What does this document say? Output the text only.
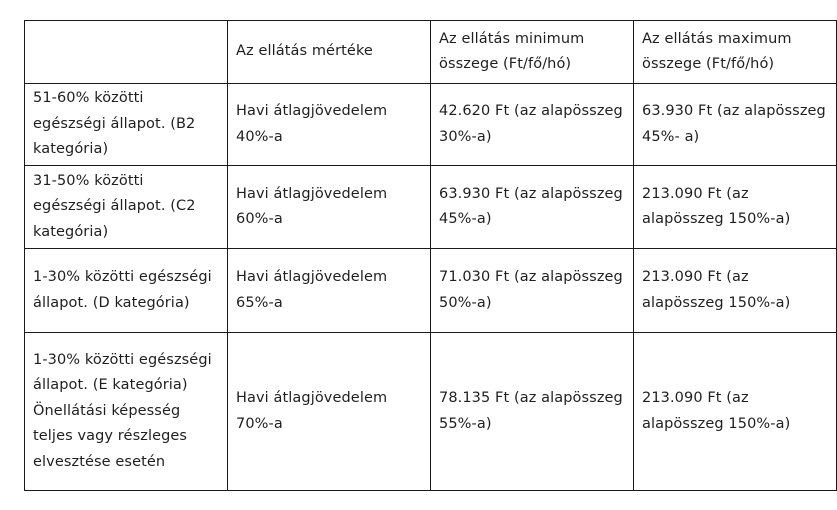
	Az ellátás mértéke	Az ellátás minimum összege (Ft/fő/hó)	Az ellátás maximum összege (Ft/fő/hó)

51-60% közötti egészségi állapot. (B2 kategória)	Havi átlagjövedelem 40%-a	42.620 Ft (az alapösszeg 30%-a)	63.930 Ft (az alapösszeg 45%- a)

31-50% közötti egészségi állapot. (C2 kategória)	Havi átlagjövedelem 60%-a	63.930 Ft (az alapösszeg 45%-a)	213.090 Ft (az alapösszeg 150%-a)

1-30% közötti egészségi állapot. (D kategória)	Havi átlagjövedelem 65%-a	71.030 Ft (az alapösszeg 50%-a)	213.090 Ft (az alapösszeg 150%-a)

1-30% közötti egészségi állapot. (E kategória) Önellátási képesség teljes vagy részleges elvesztése esetén	Havi átlagjövedelem 70%-a	78.135 Ft (az alapösszeg 55%-a)	213.090 Ft (az alapösszeg 150%-a)
